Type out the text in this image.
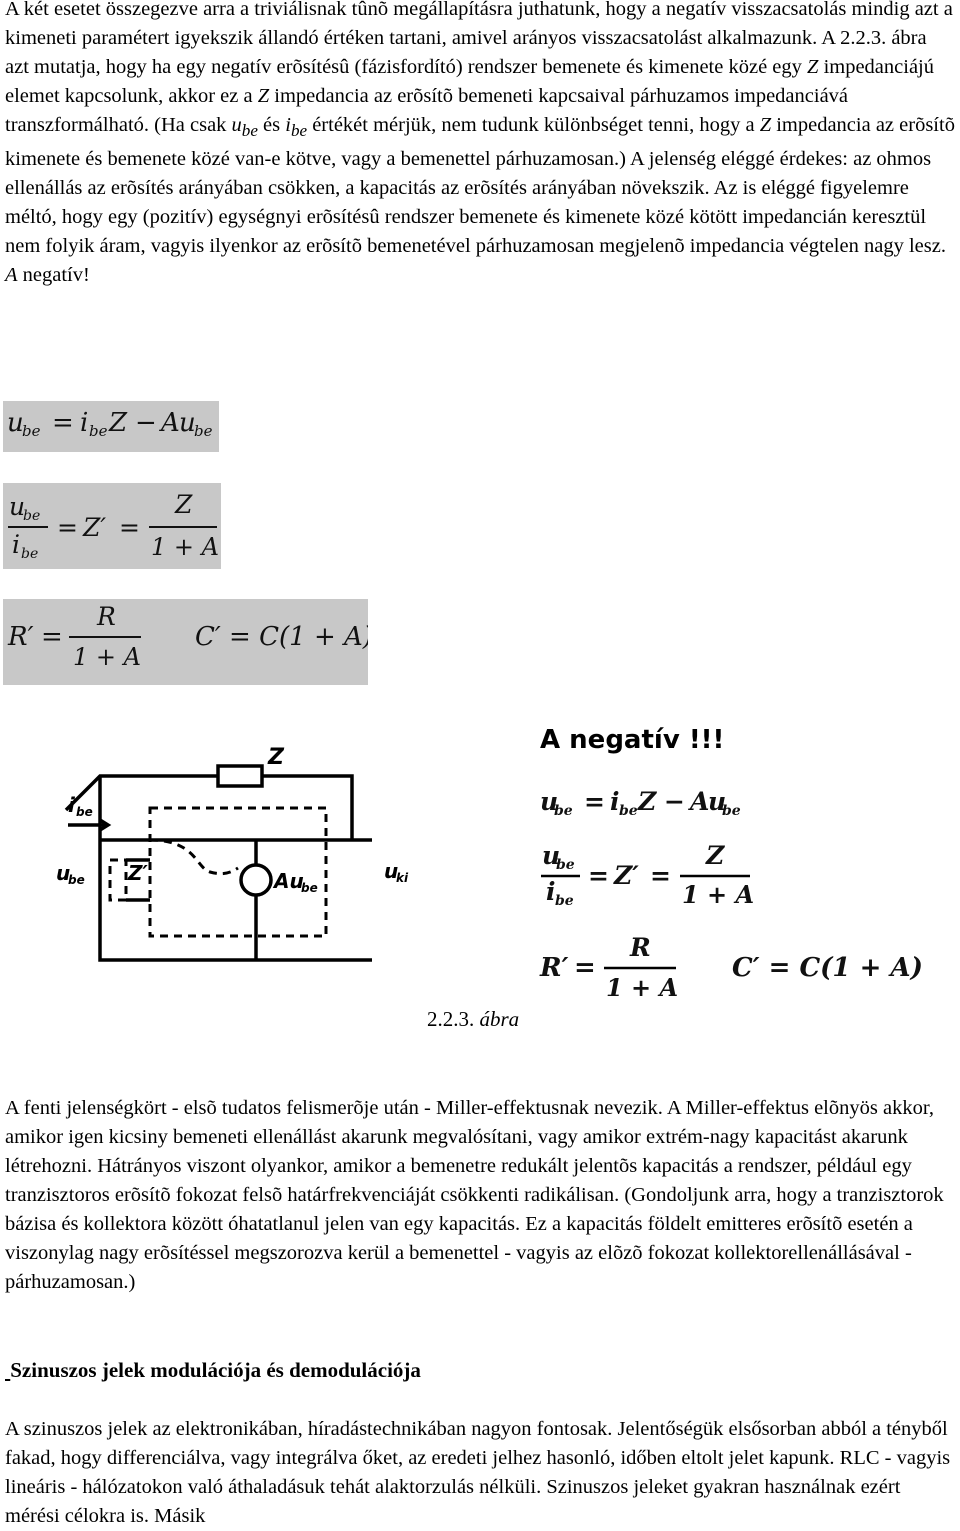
A két esetet összegezve arra a triviálisnak tûnõ megállapításra juthatunk, hogy a negatív visszacsatolás mindig azt a kimeneti paramétert igyekszik állandó értéken tartani, amivel arányos visszacsatolást alkalmazunk. A 2.2.3. ábra azt mutatja, hogy ha egy negatív erõsítésû (fázisfordító) rendszer bemenete és kimenete közé egy Z impedanciájú elemet kapcsolunk, akkor ez a Z impedancia az erõsítõ bemeneti kapcsaival párhuzamos impedanciává transzformálható. (Ha csak $u_{be}$ és $i_{be}$ értékét mérjük, nem tudunk különbséget tenni, hogy a Z impedancia az erõsítõ kimenete és bemenete közé van-e kötve, vagy a bemenettel párhuzamosan.) A jelenség eléggé érdekes: az ohmos ellenállás az erõsítés arányában csökken, a kapacitás az erõsítés arányában növekszik. Az is eléggé figyelemre méltó, hogy egy (pozitív) egységnyi erõsítésû rendszer bemenete és kimenete közé kötött impedancián keresztül nem folyik áram, vagyis ilyenkor az erõsítõ bemenetével párhuzamosan megjelenõ impedancia végtelen nagy lesz.
A negatív!

u
be = i be Z − A u
be
u
be
i be
= Z′ =
Z
1 + A
R′ =
R
1 + A
C′ = C(1 + A)
A negatív !!!
Z
i be
u
be Z′	Au
be
u
ki
u
be = i be Z − A
u
be
u
be
i be
= Z′ =
Z
1 + A
R′ =
R
1 + A
C′ = C(1 + A)
2.2.3. ábra

A fenti jelenségkört - elsõ tudatos felismerõje után - Miller-effektusnak nevezik. A Miller-effektus elõnyös akkor, amikor igen kicsiny bemeneti ellenállást akarunk megvalósítani, vagy amikor extrém-nagy kapacitást akarunk létrehozni. Hátrányos viszont olyankor, amikor a bemenetre redukált jelentõs kapacitás a rendszer, például egy tranzisztoros erõsítõ fokozat felsõ határfrekvenciáját csökkenti radikálisan. (Gondoljunk arra, hogy a tranzisztorok bázisa és kollektora között óhatatlanul jelen van egy kapacitás. Ez a kapacitás földelt emitteres erõsítõ esetén a viszonylag nagy erõsítéssel megszorozva kerül a bemenettel - vagyis az elõzõ fokozat kollektorellenállásával - párhuzamosan.)

Szinuszos jelek modulációja és demodulációja

A szinuszos jelek az elektronikában, híradástechnikában nagyon fontosak. Jelentőségük elsősorban abból a tényből fakad, hogy differenciálva, vagy integrálva őket, az eredeti jelhez hasonló, időben eltolt jelet kapunk. RLC - vagyis lineáris - hálózatokon való áthaladásuk tehát alaktorzulás nélküli. Szinuszos jeleket gyakran használnak ezért mérési célokra is. Másik
